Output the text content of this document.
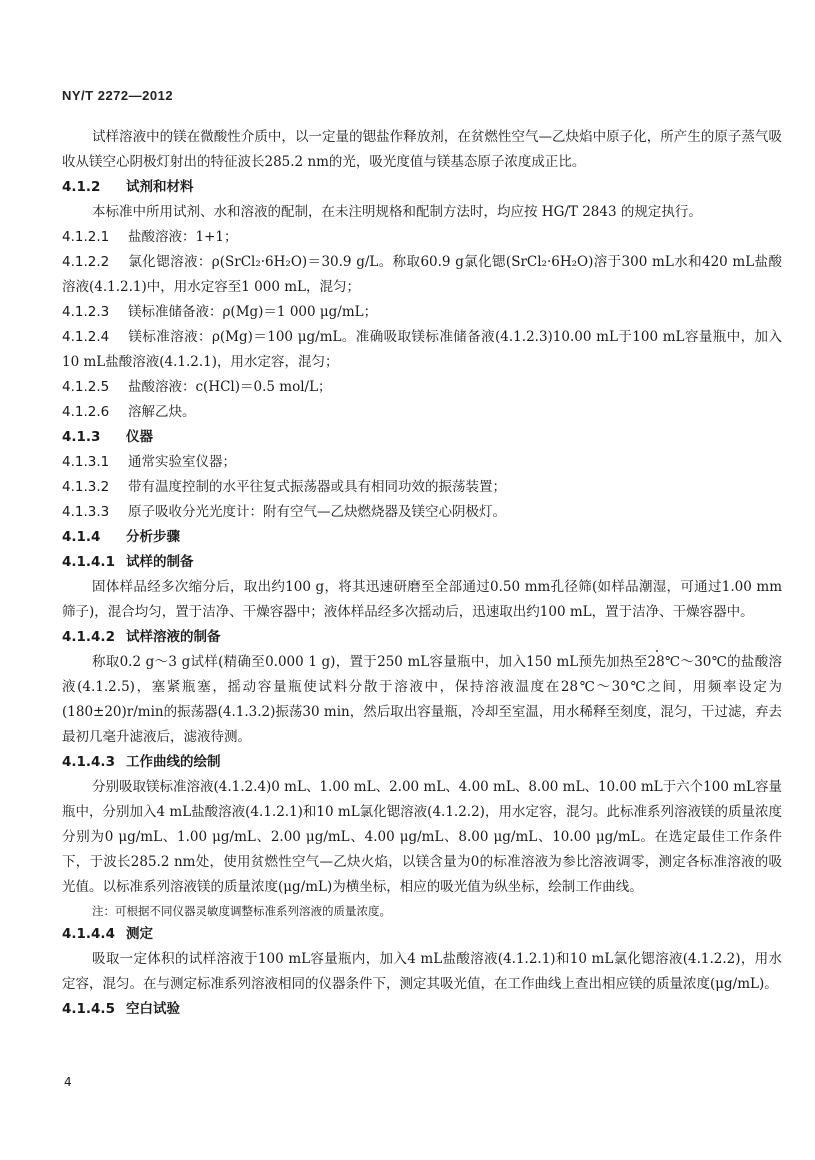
NY/T 2272—2012

试样溶液中的镁在微酸性介质中，以一定量的锶盐作释放剂，在贫燃性空气—乙炔焰中原子化，所产生的原子蒸气吸收从镁空心阴极灯射出的特征波长285.2 nm的光，吸光度值与镁基态原子浓度成正比。

4.1.2 试剂和材料

本标准中所用试剂、水和溶液的配制，在未注明规格和配制方法时，均应按 HG/T 2843 的规定执行。

4.1.2.1 盐酸溶液：1+1；

4.1.2.2 氯化锶溶液：ρ(SrCl₂·6H₂O)＝30.9 g/L。称取60.9 g氯化锶(SrCl₂·6H₂O)溶于300 mL水和420 mL盐酸溶液(4.1.2.1)中，用水定容至1 000 mL，混匀；

4.1.2.3 镁标准储备液：ρ(Mg)＝1 000 μg/mL；

4.1.2.4 镁标准溶液：ρ(Mg)＝100 μg/mL。准确吸取镁标准储备液(4.1.2.3)10.00 mL于100 mL容量瓶中，加入10 mL盐酸溶液(4.1.2.1)，用水定容，混匀；

4.1.2.5 盐酸溶液：c(HCl)＝0.5 mol/L；

4.1.2.6 溶解乙炔。

4.1.3 仪器

4.1.3.1 通常实验室仪器；

4.1.3.2 带有温度控制的水平往复式振荡器或具有相同功效的振荡装置；

4.1.3.3 原子吸收分光光度计：附有空气—乙炔燃烧器及镁空心阴极灯。

4.1.4 分析步骤

4.1.4.1 试样的制备

固体样品经多次缩分后，取出约100 g，将其迅速研磨至全部通过0.50 mm孔径筛(如样品潮湿，可通过1.00 mm筛子)，混合均匀，置于洁净、干燥容器中；液体样品经多次摇动后，迅速取出约100 mL，置于洁净、干燥容器中。

4.1.4.2 试样溶液的制备

称取0.2 g～3 g试样(精确至0.000 1 g)，置于250 mL容量瓶中，加入150 mL预先加热至28℃～30℃的盐酸溶液(4.1.2.5)，塞紧瓶塞，摇动容量瓶使试料分散于溶液中，保持溶液温度在28℃～30℃之间，用频率设定为(180±20)r/min的振荡器(4.1.3.2)振荡30 min，然后取出容量瓶，冷却至室温，用水稀释至刻度，混匀，干过滤，弃去最初几毫升滤液后，滤液待测。

4.1.4.3 工作曲线的绘制

分别吸取镁标准溶液(4.1.2.4)0 mL、1.00 mL、2.00 mL、4.00 mL、8.00 mL、10.00 mL于六个100 mL容量瓶中，分别加入4 mL盐酸溶液(4.1.2.1)和10 mL氯化锶溶液(4.1.2.2)，用水定容，混匀。此标准系列溶液镁的质量浓度分别为0 μg/mL、1.00 μg/mL、2.00 μg/mL、4.00 μg/mL、8.00 μg/mL、10.00 μg/mL。在选定最佳工作条件下，于波长285.2 nm处，使用贫燃性空气—乙炔火焰，以镁含量为0的标准溶液为参比溶液调零，测定各标准溶液的吸光值。以标准系列溶液镁的质量浓度(μg/mL)为横坐标，相应的吸光值为纵坐标，绘制工作曲线。

注：可根据不同仪器灵敏度调整标准系列溶液的质量浓度。

4.1.4.4 测定

吸取一定体积的试样溶液于100 mL容量瓶内，加入4 mL盐酸溶液(4.1.2.1)和10 mL氯化锶溶液(4.1.2.2)，用水定容，混匀。在与测定标准系列溶液相同的仪器条件下，测定其吸光值，在工作曲线上查出相应镁的质量浓度(μg/mL)。

4.1.4.5 空白试验

4
